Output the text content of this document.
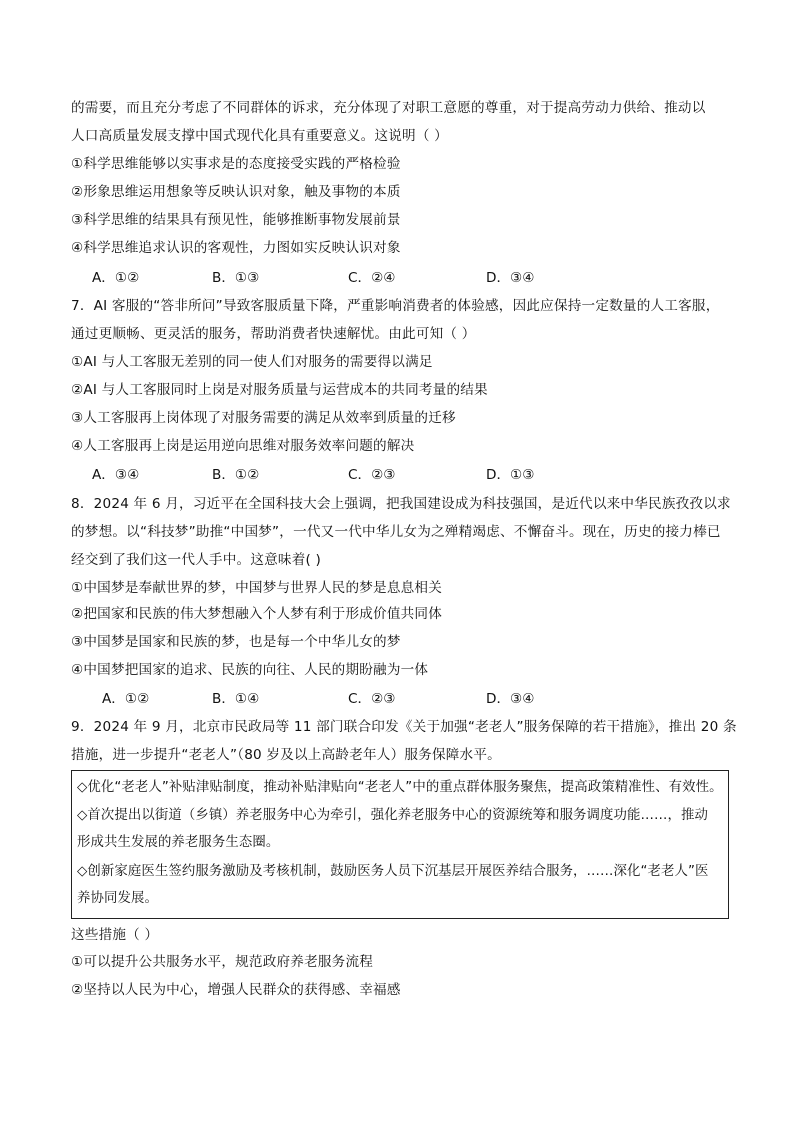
的需要，而且充分考虑了不同群体的诉求，充分体现了对职工意愿的尊重，对于提高劳动力供给、推动以
人口高质量发展支撑中国式现代化具有重要意义。这说明（ ）
①科学思维能够以实事求是的态度接受实践的严格检验
②形象思维运用想象等反映认识对象，触及事物的本质
③科学思维的结果具有预见性，能够推断事物发展前景
④科学思维追求认识的客观性，力图如实反映认识对象
A．①②	B．①③	C．②④	D．③④
7．AI 客服的“答非所问”导致客服质量下降，严重影响消费者的体验感，因此应保持一定数量的人工客服，
通过更顺畅、更灵活的服务，帮助消费者快速解忧。由此可知（ ）
①AI 与人工客服无差别的同一使人们对服务的需要得以满足
②AI 与人工客服同时上岗是对服务质量与运营成本的共同考量的结果
③人工客服再上岗体现了对服务需要的满足从效率到质量的迁移
④人工客服再上岗是运用逆向思维对服务效率问题的解决
A．③④	B．①②	C．②③	D．①③
8．2024 年 6 月，习近平在全国科技大会上强调，把我国建设成为科技强国，是近代以来中华民族孜孜以求
的梦想。以“科技梦”助推“中国梦”，一代又一代中华儿女为之殚精竭虑、不懈奋斗。现在，历史的接力棒已
经交到了我们这一代人手中。这意味着( )
①中国梦是奉献世界的梦，中国梦与世界人民的梦是息息相关
②把国家和民族的伟大梦想融入个人梦有利于形成价值共同体
③中国梦是国家和民族的梦，也是每一个中华儿女的梦
④中国梦把国家的追求、民族的向往、人民的期盼融为一体
A．①②	B．①④	C．②③	D．③④
9．2024 年 9 月，北京市民政局等 11 部门联合印发《关于加强“老老人”服务保障的若干措施》，推出 20 条
措施，进一步提升“老老人”（80 岁及以上高龄老年人）服务保障水平。
◇优化“老老人”补贴津贴制度，推动补贴津贴向“老老人”中的重点群体服务聚焦，提高政策精准性、有效性。
◇首次提出以街道（乡镇）养老服务中心为牵引，强化养老服务中心的资源统筹和服务调度功能……，推动
形成共生发展的养老服务生态圈。
◇创新家庭医生签约服务激励及考核机制，鼓励医务人员下沉基层开展医养结合服务，……深化“老老人”医
养协同发展。
这些措施（ ）
①可以提升公共服务水平，规范政府养老服务流程
②坚持以人民为中心，增强人民群众的获得感、幸福感
